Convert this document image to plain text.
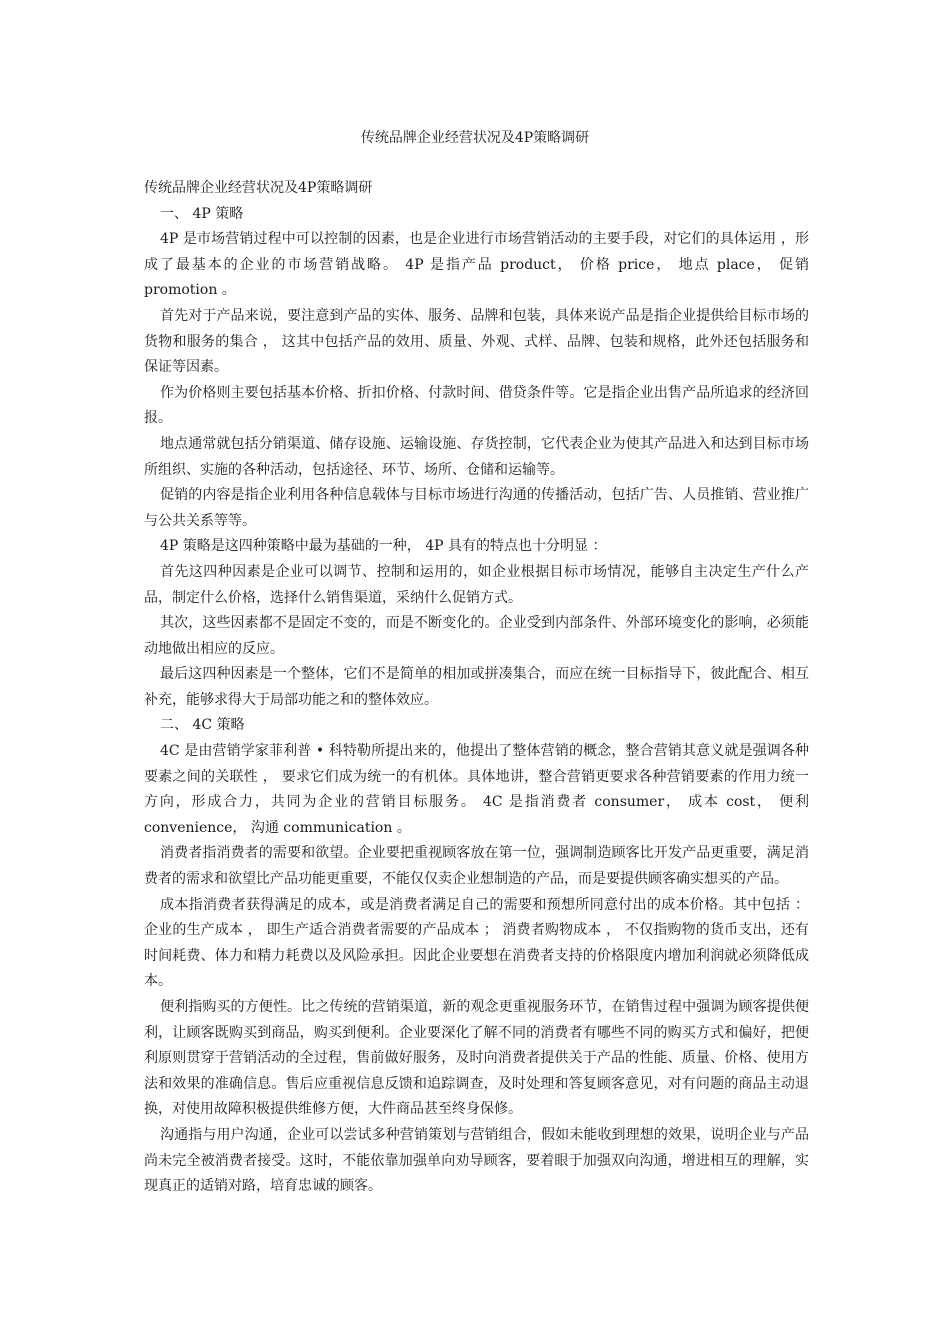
传统品牌企业经营状况及4P策略调研

传统品牌企业经营状况及4P策略调研

一、 4P 策略

4P 是市场营销过程中可以控制的因素，也是企业进行市场营销活动的主要手段，对它们的具体运用 ，形成了最基本的企业的市场营销战略。 4P 是指产品 product， 价格 price， 地点 place， 促销 promotion 。

首先对于产品来说，要注意到产品的实体、服务、品牌和包装，具体来说产品是指企业提供给目标市场的货物和服务的集合 ， 这其中包括产品的效用、质量、外观、式样、品牌、包装和规格，此外还包括服务和保证等因素。

作为价格则主要包括基本价格、折扣价格、付款时间、借贷条件等。它是指企业出售产品所追求的经济回报。

地点通常就包括分销渠道、储存设施、运输设施、存货控制，它代表企业为使其产品进入和达到目标市场所组织、实施的各种活动，包括途径、环节、场所、仓储和运输等。

促销的内容是指企业利用各种信息载体与目标市场进行沟通的传播活动，包括广告、人员推销、营业推广与公共关系等等。

4P 策略是这四种策略中最为基础的一种， 4P 具有的特点也十分明显 ：

首先这四种因素是企业可以调节、控制和运用的，如企业根据目标市场情况，能够自主决定生产什么产品，制定什么价格，选择什么销售渠道，采纳什么促销方式。

其次，这些因素都不是固定不变的，而是不断变化的。企业受到内部条件、外部环境变化的影响，必须能动地做出相应的反应。

最后这四种因素是一个整体，它们不是简单的相加或拼凑集合，而应在统一目标指导下，彼此配合、相互补充，能够求得大于局部功能之和的整体效应。

二、 4C 策略

4C 是由营销学家菲利普 • 科特勒所提出来的，他提出了整体营销的概念，整合营销其意义就是强调各种要素之间的关联性 ， 要求它们成为统一的有机体。具体地讲，整合营销更要求各种营销要素的作用力统一方向，形成合力，共同为企业的营销目标服务。 4C 是指消费者 consumer， 成本 cost， 便利 convenience， 沟通 communication 。

消费者指消费者的需要和欲望。企业要把重视顾客放在第一位，强调制造顾客比开发产品更重要，满足消费者的需求和欲望比产品功能更重要，不能仅仅卖企业想制造的产品，而是要提供顾客确实想买的产品。

成本指消费者获得满足的成本，或是消费者满足自己的需要和预想所同意付出的成本价格。其中包括 ： 企业的生产成本 ， 即生产适合消费者需要的产品成本 ； 消费者购物成本 ， 不仅指购物的货币支出，还有时间耗费、体力和精力耗费以及风险承担。因此企业要想在消费者支持的价格限度内增加利润就必须降低成本。

便利指购买的方便性。比之传统的营销渠道，新的观念更重视服务环节，在销售过程中强调为顾客提供便利，让顾客既购买到商品，购买到便利。企业要深化了解不同的消费者有哪些不同的购买方式和偏好，把便利原则贯穿于营销活动的全过程，售前做好服务，及时向消费者提供关于产品的性能、质量、价格、使用方法和效果的准确信息。售后应重视信息反馈和追踪调查，及时处理和答复顾客意见，对有问题的商品主动退换，对使用故障积极提供维修方便，大件商品甚至终身保修。

沟通指与用户沟通，企业可以尝试多种营销策划与营销组合，假如未能收到理想的效果，说明企业与产品尚未完全被消费者接受。这时，不能依靠加强单向劝导顾客，要着眼于加强双向沟通，增进相互的理解，实现真正的适销对路，培育忠诚的顾客。
